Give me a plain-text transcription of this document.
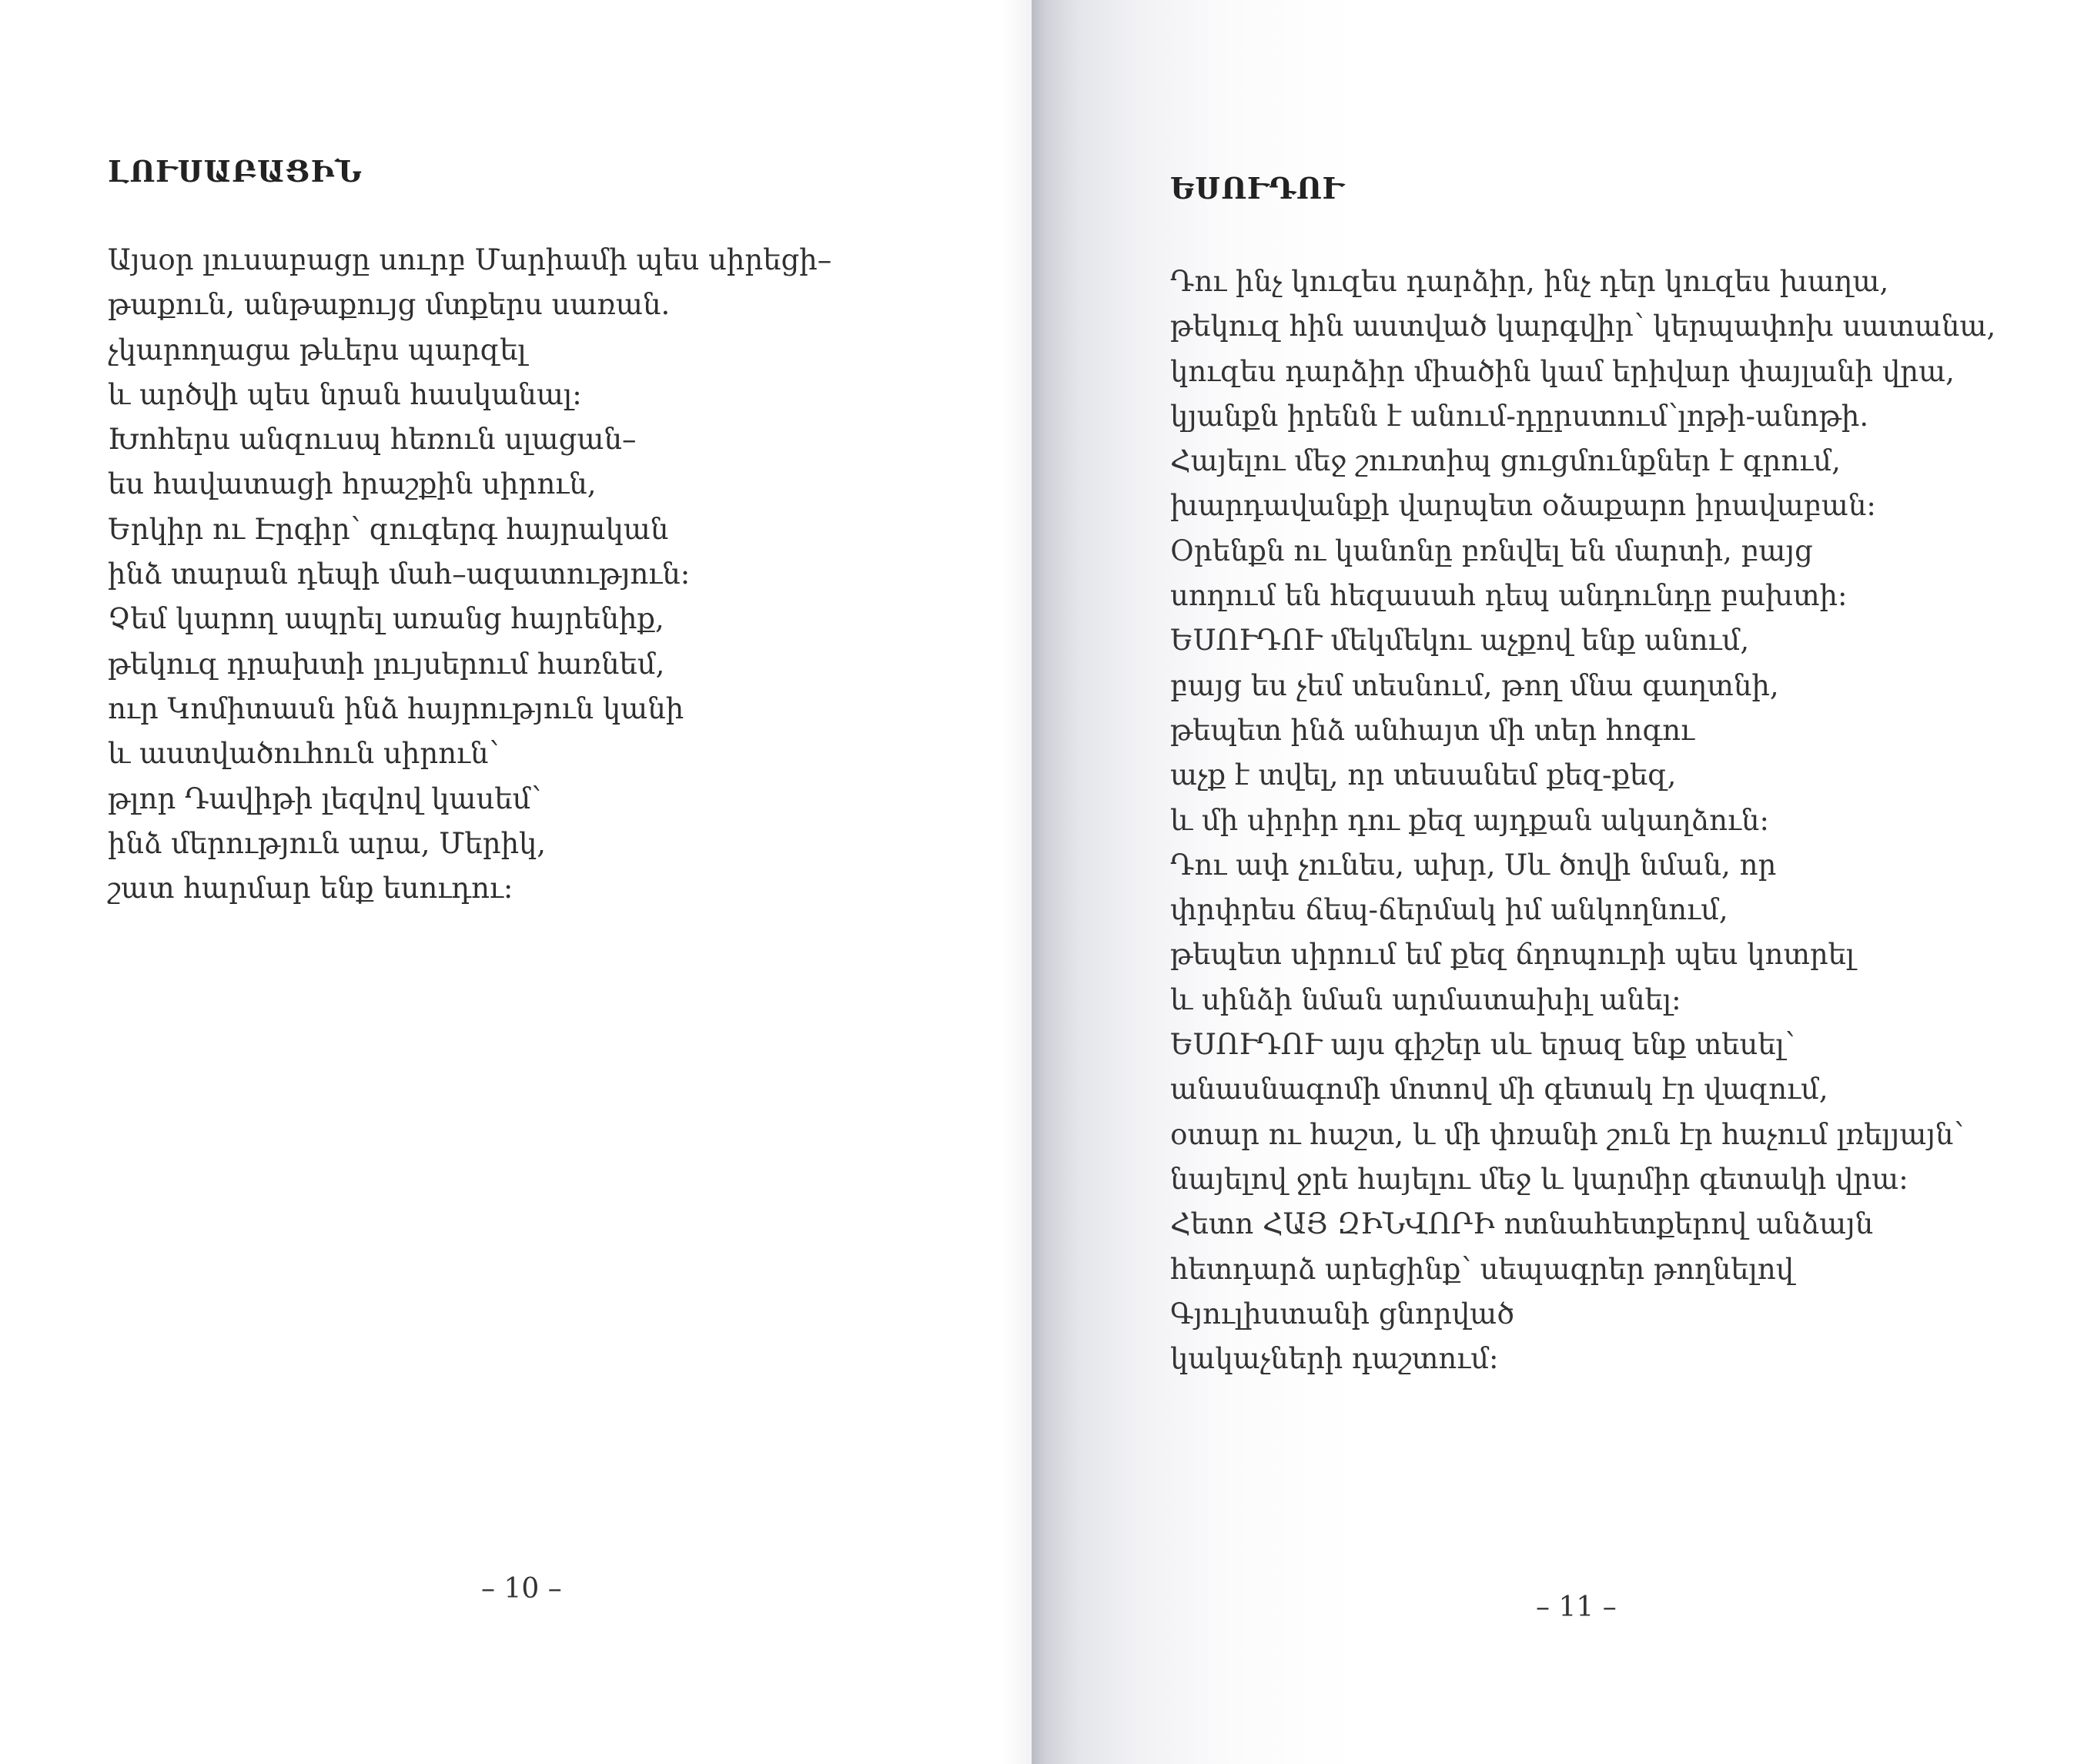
ԼՈՒՍԱԲԱՑԻՆ
Այսօր լուսաբացը սուրբ Մարիամի պես սիրեցի–
թաքուն, անթաքույց մտքերս սառան.
չկարողացա թևերս պարզել
և արծվի պես նրան հասկանալ:
Խոհերս անզուսպ հեռուն սլացան–
ես հավատացի հրաշքին սիրուն,
Երկիր ու Էրգիր՝ զուգերգ հայրական
ինձ տարան դեպի մահ–ազատություն:
Չեմ կարող ապրել առանց հայրենիք,
թեկուզ դրախտի լույսերում հառնեմ,
ուր Կոմիտասն ինձ հայրություն կանի
և աստվածուհուն սիրուն՝
թլոր Դավիթի լեզվով կասեմ՝
ինձ մերություն արա, Մերիկ,
շատ հարմար ենք եսուդու:
– 10 –
ԵՍՈՒԴՈՒ
Դու ինչ կուզես դարձիր, ինչ դեր կուզես խաղա,
թեկուզ հին աստված կարգվիր՝ կերպափոխ սատանա,
կուզես դարձիր միածին կամ երիվար փայլանի վրա,
կյանքն իրենն է անում-դըրստում՝լոթի-անոթի.
Հայելու մեջ շուռտիպ ցուցմունքներ է գրում,
խարդավանքի վարպետ օձաքարո իրավաբան:
Օրենքն ու կանոնը բռնվել են մարտի, բայց
սողում են հեզասահ դեպ անդունդը բախտի:
ԵՍՈՒԴՈՒ մեկմեկու աչքով ենք անում,
բայց ես չեմ տեսնում, թող մնա գաղտնի,
թեպետ ինձ անհայտ մի տեր հոգու
աչք է տվել, որ տեսանեմ քեզ-քեզ,
և մի սիրիր դու քեզ այդքան ակաղձուն:
Դու ափ չունես, ախր, Սև ծովի նման, որ
փրփրես ճեպ-ճերմակ իմ անկողնում,
թեպետ սիրում եմ քեզ ճղոպուրի պես կոտրել
և սինձի նման արմատախիլ անել:
ԵՍՈՒԴՈՒ այս գիշեր սև երազ ենք տեսել՝
անասնագոմի մոտով մի գետակ էր վազում,
օտար ու հաշտ, և մի փռանի շուն էր հաչում լռելյայն՝
նայելով ջրե հայելու մեջ և կարմիր գետակի վրա:
Հետո ՀԱՅ ԶԻՆՎՈՐԻ ոտնահետքերով անձայն
հետդարձ արեցինք՝ սեպագրեր թողնելով
Գյուլիստանի ցնորված
կակաչների դաշտում:
– 11 –
